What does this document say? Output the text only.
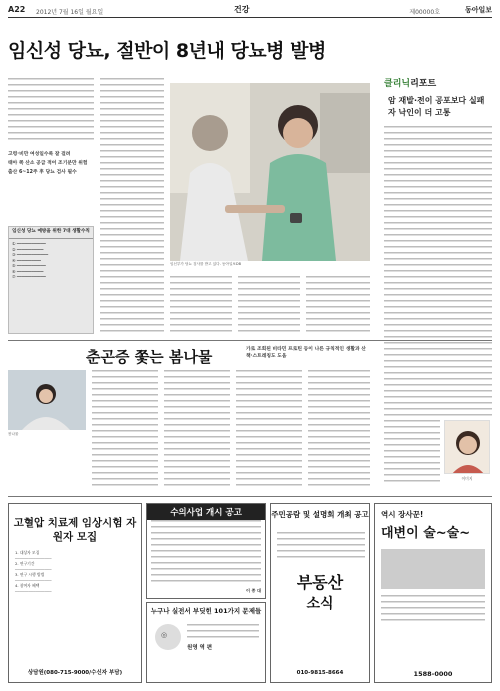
A22 2012년 7월 16일 월요일	건강	제00000호	동아일보
임신성 당뇨, 절반이 8년내 당뇨병 발병
고령·비만 여성일수록 잘 걸려
태아 쪽 산소 공급 적어 조기분만 위험
출산 6~12주 후 당뇨 검사 필수
임신성 당뇨 예방을 위한 7대 생활수칙
① ━━━━━━━━━━━━
② ━━━━━━━━━━━
③ ━━━━━━━━━━━━━
④ ━━━━━━━━━━
⑤ ━━━━━━━━━━━━
⑥ ━━━━━━━━━━━
⑦ ━━━━━━━━━━━━
임신부가 당뇨 검사를 받고 있다. 동아일보DB
클리닉리포트
암 재발·전이 공포보다 실패자 낙인이 더 고통
이미지
춘곤증 쫓는 봄나물	가로 조회된 비타민 프로틴 등이 나른 규칙적인 생활과 산책·스트레칭도 도움
봄나물
고혈압 치료제 임상시험 자원자 모집
1. 대상자 모집
━━━━━━━━━━━━━━━━
2. 연구기간
━━━━━━━━━━━━━━━━
3. 연구 시행 방법
━━━━━━━━━━━━━━━━
4. 참여자 혜택
━━━━━━━━━━━━━━━━
상담원(080-715-9000/수신자 부담)
수의사업 개시 공고
이 종 대
누구나 실전서 부딪힌 101가지 문제들
◎
원영 역 편
주민공람 및 설명회 개최 공고
부동산
소식
010-9815-8664
역시 장사꾼!
대변이 술~술~
1588-0000
